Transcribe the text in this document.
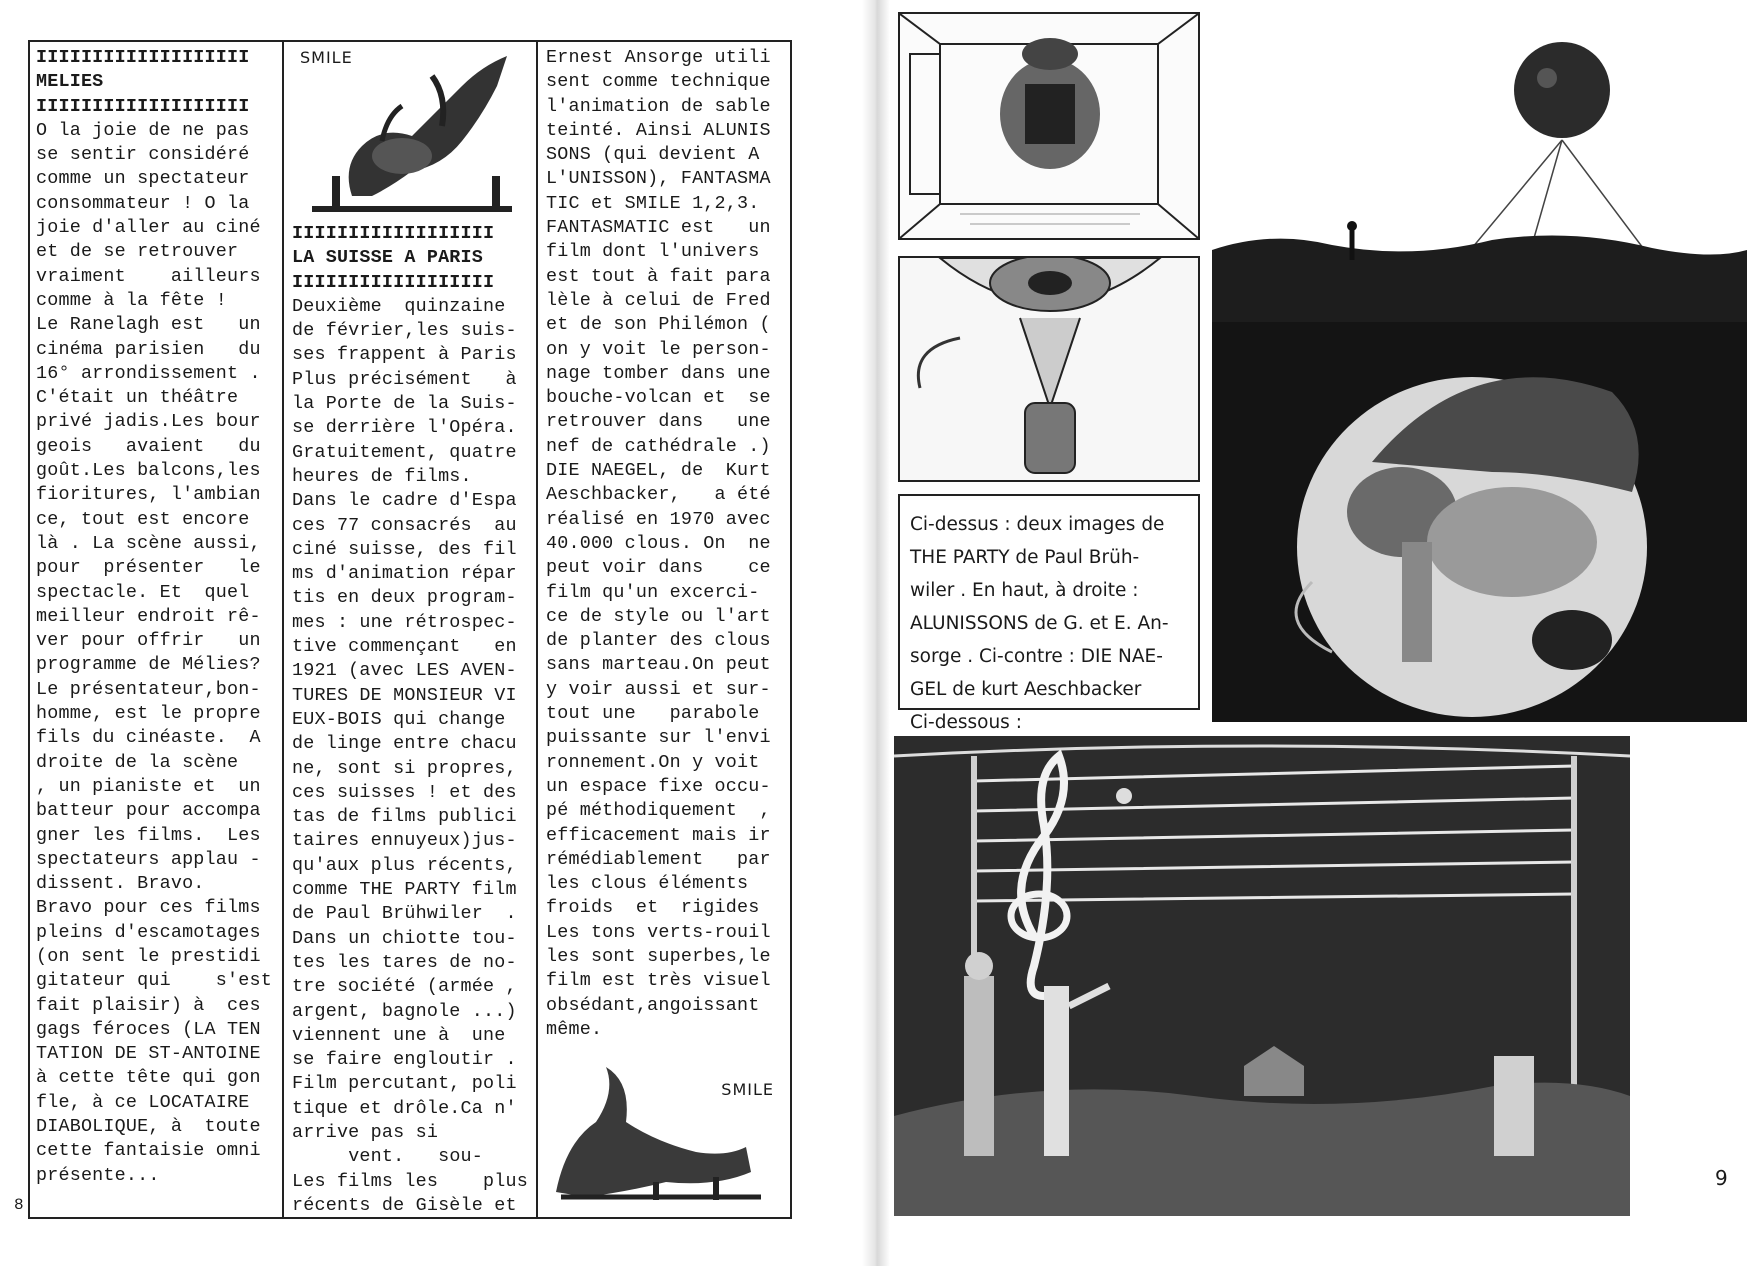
IIIIIIIIIIIIIIIIIII

MELIES

IIIIIIIIIIIIIIIIIII

O la joie de ne pas
se sentir considéré
comme un spectateur
consommateur ! O la
joie d'aller au ciné
et de se retrouver
vraiment    ailleurs
comme à la fête !
Le Ranelagh est   un
cinéma parisien   du
16° arrondissement .
C'était un théâtre
privé jadis.Les bour
geois   avaient   du
goût.Les balcons,les
fioritures, l'ambian
ce, tout est encore
là . La scène aussi,
pour  présenter   le
spectacle. Et  quel
meilleur endroit rê-
ver pour offrir   un
programme de Mélies?
Le présentateur,bon-
homme, est le propre
fils du cinéaste.  A
droite de la scène
, un pianiste et  un
batteur pour accompa
gner les films.  Les
spectateurs applau -
dissent. Bravo.
Bravo pour ces films
pleins d'escamotages
(on sent le prestidi
gitateur qui    s'est
fait plaisir) à  ces
gags féroces (LA TEN
TATION DE ST-ANTOINE
à cette tête qui gon
fle, à ce LOCATAIRE
DIABOLIQUE, à  toute
cette fantaisie omni
présente...

SMILE

IIIIIIIIIIIIIIIIII

LA SUISSE A PARIS

IIIIIIIIIIIIIIIIII

Deuxième  quinzaine
de février,les suis-
ses frappent à Paris
Plus précisément   à
la Porte de la Suis-
se derrière l'Opéra.
Gratuitement, quatre
heures de films.
Dans le cadre d'Espa
ces 77 consacrés  au
ciné suisse, des fil
ms d'animation répar
tis en deux program-
mes : une rétrospec-
tive commençant   en
1921 (avec LES AVEN-
TURES DE MONSIEUR VI
EUX-BOIS qui change
de linge entre chacu
ne, sont si propres,
ces suisses ! et des
tas de films publici
taires ennuyeux)jus-
qu'aux plus récents,
comme THE PARTY film
de Paul Brühwiler  .
Dans un chiotte tou-
tes les tares de no-
tre société (armée ,
argent, bagnole ...)
viennent une à  une
se faire engloutir .
Film percutant, poli
tique et drôle.Ca n'
arrive pas si
vent.   sou-
Les films les    plus
récents de Gisèle et

Ernest Ansorge utili
sent comme technique
l'animation de sable
teinté. Ainsi ALUNIS
SONS (qui devient A
L'UNISSON), FANTASMA
TIC et SMILE 1,2,3.
FANTASMATIC est   un
film dont l'univers
est tout à fait para
lèle à celui de Fred
et de son Philémon (
on y voit le person-
nage tomber dans une
bouche-volcan et  se
retrouver dans   une
nef de cathédrale .)
DIE NAEGEL, de  Kurt
Aeschbacker,   a été
réalisé en 1970 avec
40.000 clous. On  ne
peut voir dans    ce
film qu'un excerci-
ce de style ou l'art
de planter des clous
sans marteau.On peut
y voir aussi et sur-
tout une   parabole
puissante sur l'envi
ronnement.On y voit
un espace fixe occu-
pé méthodiquement  ,
efficacement mais ir
rémédiablement   par
les clous éléments
froids  et  rigides
Les tons verts-rouil
les sont superbes,le
film est très visuel
obsédant,angoissant
même.

SMILE
8

Ci-dessus : deux images de
THE PARTY de Paul Brüh-
wiler . En haut, à droite :
ALUNISSONS de G. et E. An-
sorge . Ci-contre : DIE NAE-
GEL de kurt Aeschbacker
Ci-dessous :

9
